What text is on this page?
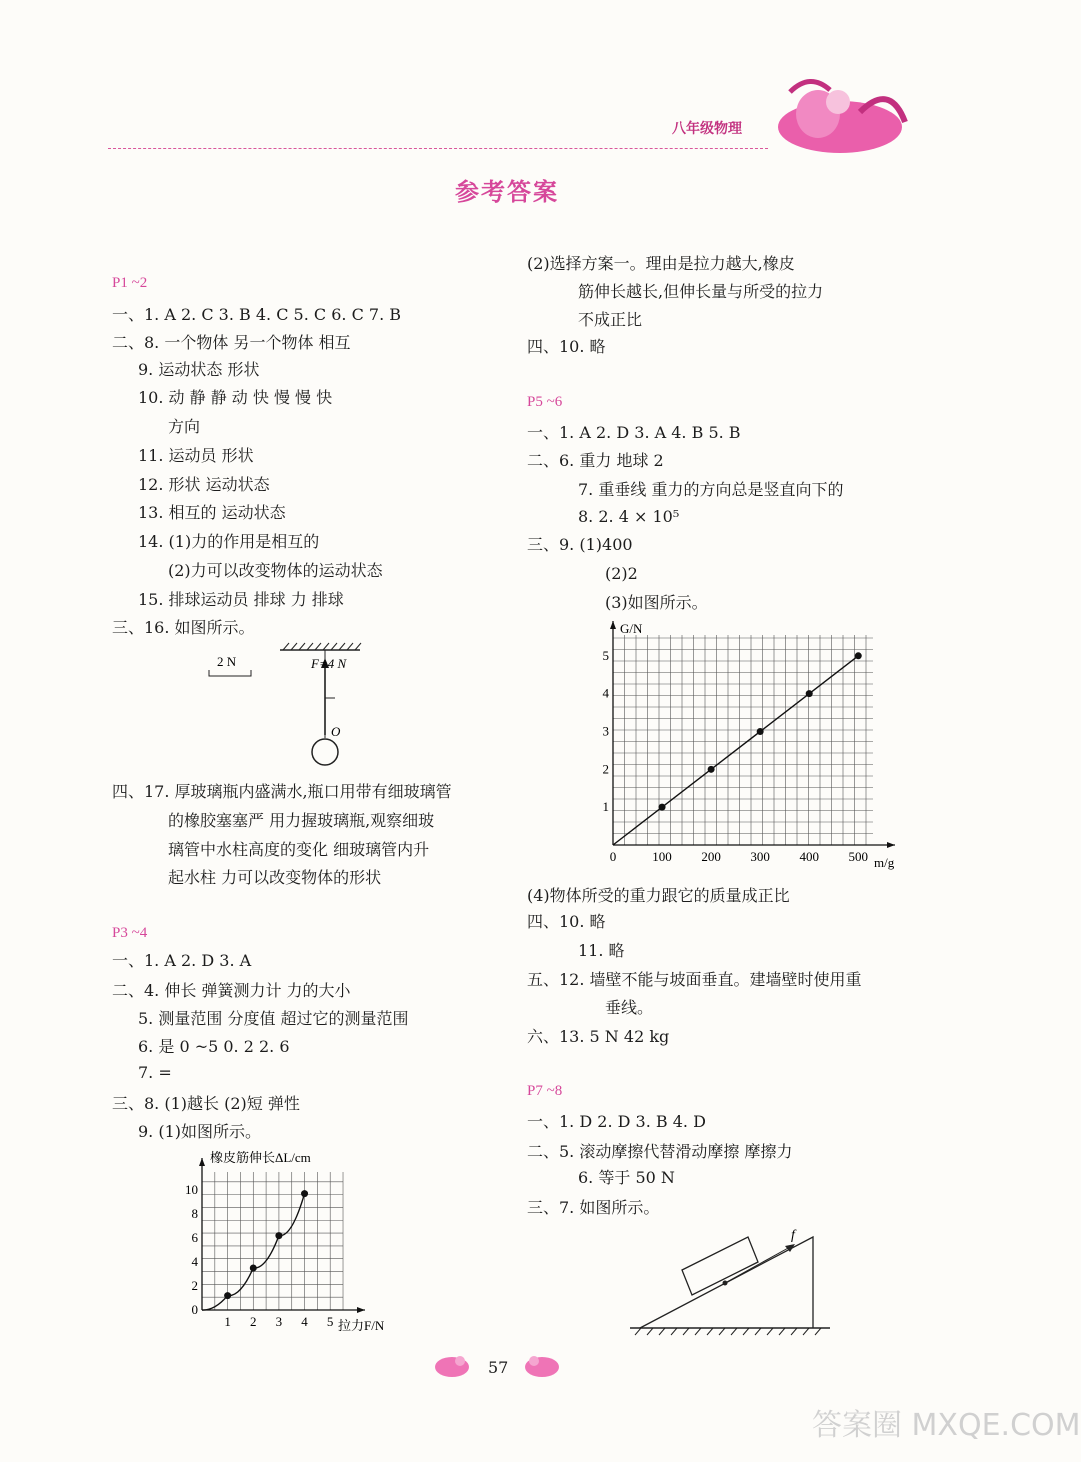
八年级物理
参考答案
P1 ~2
一、1. A 2. C 3. B 4. C 5. C 6. C 7. B
二、8. 一个物体 另一个物体 相互
9. 运动状态 形状
10. 动 静 静 动 快 慢 慢 快
方向
11. 运动员 形状
12. 形状 运动状态
13. 相互的 运动状态
14. (1)力的作用是相互的
(2)力可以改变物体的运动状态
15. 排球运动员 排球 力 排球
三、16. 如图所示。
四、17. 厚玻璃瓶内盛满水,瓶口用带有细玻璃管
的橡胶塞塞严 用力握玻璃瓶,观察细玻
璃管中水柱高度的变化 细玻璃管内升
起水柱 力可以改变物体的形状
P3 ~4
一、1. A 2. D 3. A
二、4. 伸长 弹簧测力计 力的大小
5. 测量范围 分度值 超过它的测量范围
6. 是 0 ~5 0. 2 2. 6
7. =
三、8. (1)越长 (2)短 弹性
9. (1)如图所示。
(2)选择方案一。理由是拉力越大,橡皮
筋伸长越长,但伸长量与所受的拉力
不成正比
四、10. 略
P5 ~6
一、1. A 2. D 3. A 4. B 5. B
二、6. 重力 地球 2
7. 重垂线 重力的方向总是竖直向下的
8. 2. 4 × 10⁵
三、9. (1)400
(2)2
(3)如图所示。
(4)物体所受的重力跟它的质量成正比
四、10. 略
11. 略
五、12. 墙壁不能与坡面垂直。建墙壁时使用重
垂线。
六、13. 5 N 42 kg
P7 ~8
一、1. D 2. D 3. B 4. D
二、5. 滚动摩擦代替滑动摩擦 摩擦力
6. 等于 50 N
三、7. 如图所示。
2 N	F=4 N
O
1 2 3 4 5
0
2
4
6
8
10
橡皮筋伸长ΔL/cm
拉力F/N
0	100 200 300 400 500
1
2
3
4
5
G/N
m/g
f
57
答案圈 MXQE.COM
